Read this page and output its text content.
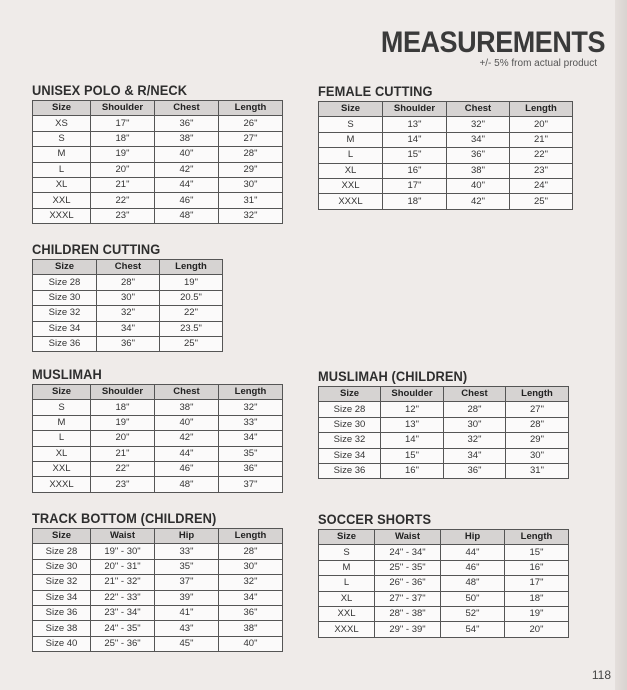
MEASUREMENTS
+/- 5% from actual product
UNISEX POLO & R/NECK
Size	Shoulder	Chest	Length
XS	17"	36"	26"
S	18"	38"	27"
M	19"	40"	28"
L	20"	42"	29"
XL	21"	44"	30"
XXL	22"	46"	31"
XXXL	23"	48"	32"
FEMALE CUTTING
Size	Shoulder	Chest	Length
S	13"	32"	20"
M	14"	34"	21"
L	15"	36"	22"
XL	16"	38"	23"
XXL	17"	40"	24"
XXXL	18"	42"	25"
CHILDREN CUTTING
Size	Chest	Length
Size 28	28"	19"
Size 30	30"	20.5"
Size 32	32"	22"
Size 34	34"	23.5"
Size 36	36"	25"
MUSLIMAH
Size	Shoulder	Chest	Length
S	18"	38"	32"
M	19"	40"	33"
L	20"	42"	34"
XL	21"	44"	35"
XXL	22"	46"	36"
XXXL	23"	48"	37"
MUSLIMAH (CHILDREN)
Size	Shoulder	Chest	Length
Size 28	12"	28"	27"
Size 30	13"	30"	28"
Size 32	14"	32"	29"
Size 34	15"	34"	30"
Size 36	16"	36"	31"
TRACK BOTTOM (CHILDREN)
Size	Waist	Hip	Length
Size 28	19" - 30"	33"	28"
Size 30	20" - 31"	35"	30"
Size 32	21" - 32"	37"	32"
Size 34	22" - 33"	39"	34"
Size 36	23" - 34"	41"	36"
Size 38	24" - 35"	43"	38"
Size 40	25" - 36"	45"	40"
SOCCER SHORTS
Size	Waist	Hip	Length
S	24" - 34"	44"	15"
M	25" - 35"	46"	16"
L	26" - 36"	48"	17"
XL	27" - 37"	50"	18"
XXL	28" - 38"	52"	19"
XXXL	29" - 39"	54"	20"
118
